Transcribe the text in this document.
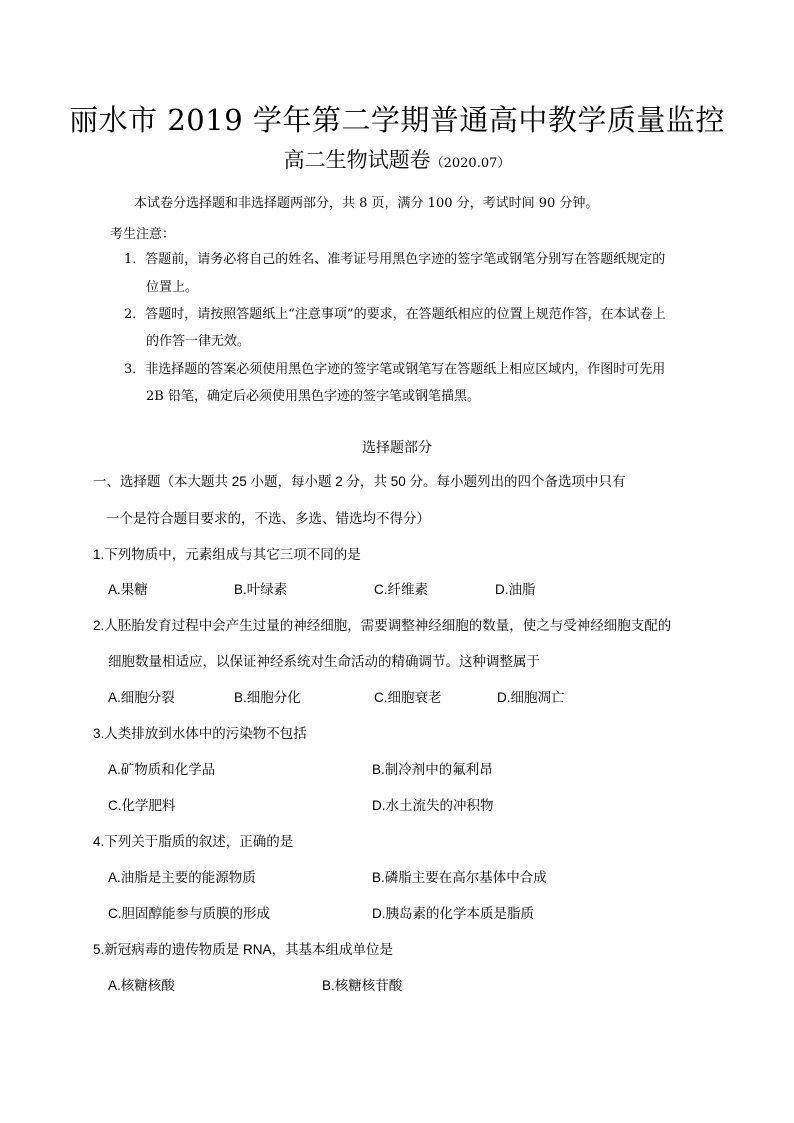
丽水市 2019 学年第二学期普通高中教学质量监控
高二生物试题卷（2020.07）
本试卷分选择题和非选择题两部分，共 8 页，满分 100 分，考试时间 90 分钟。
考生注意：
1．答题前，请务必将自己的姓名、准考证号用黑色字迹的签字笔或钢笔分别写在答题纸规定的
位置上。
2．答题时，请按照答题纸上“注意事项”的要求，在答题纸相应的位置上规范作答，在本试卷上
的作答一律无效。
3．非选择题的答案必须使用黑色字迹的签字笔或钢笔写在答题纸上相应区域内，作图时可先用
2B 铅笔，确定后必须使用黑色字迹的签字笔或钢笔描黑。
选择题部分
一、选择题（本大题共 25 小题，每小题 2 分，共 50 分。每小题列出的四个备选项中只有
一个是符合题目要求的，不选、多选、错选均不得分）
1.下列物质中，元素组成与其它三项不同的是
A.果糖	B.叶绿素	C.纤维素	D.油脂
2.人胚胎发育过程中会产生过量的神经细胞，需要调整神经细胞的数量，使之与受神经细胞支配的
细胞数量相适应，以保证神经系统对生命活动的精确调节。这种调整属于
A.细胞分裂	B.细胞分化	C.细胞衰老	D.细胞凋亡
3.人类排放到水体中的污染物不包括
A.矿物质和化学品	B.制冷剂中的氟利昂
C.化学肥料	D.水土流失的冲积物
4.下列关于脂质的叙述，正确的是
A.油脂是主要的能源物质	B.磷脂主要在高尔基体中合成
C.胆固醇能参与质膜的形成	D.胰岛素的化学本质是脂质
5.新冠病毒的遗传物质是 RNA，其基本组成单位是
A.核糖核酸	B.核糖核苷酸
